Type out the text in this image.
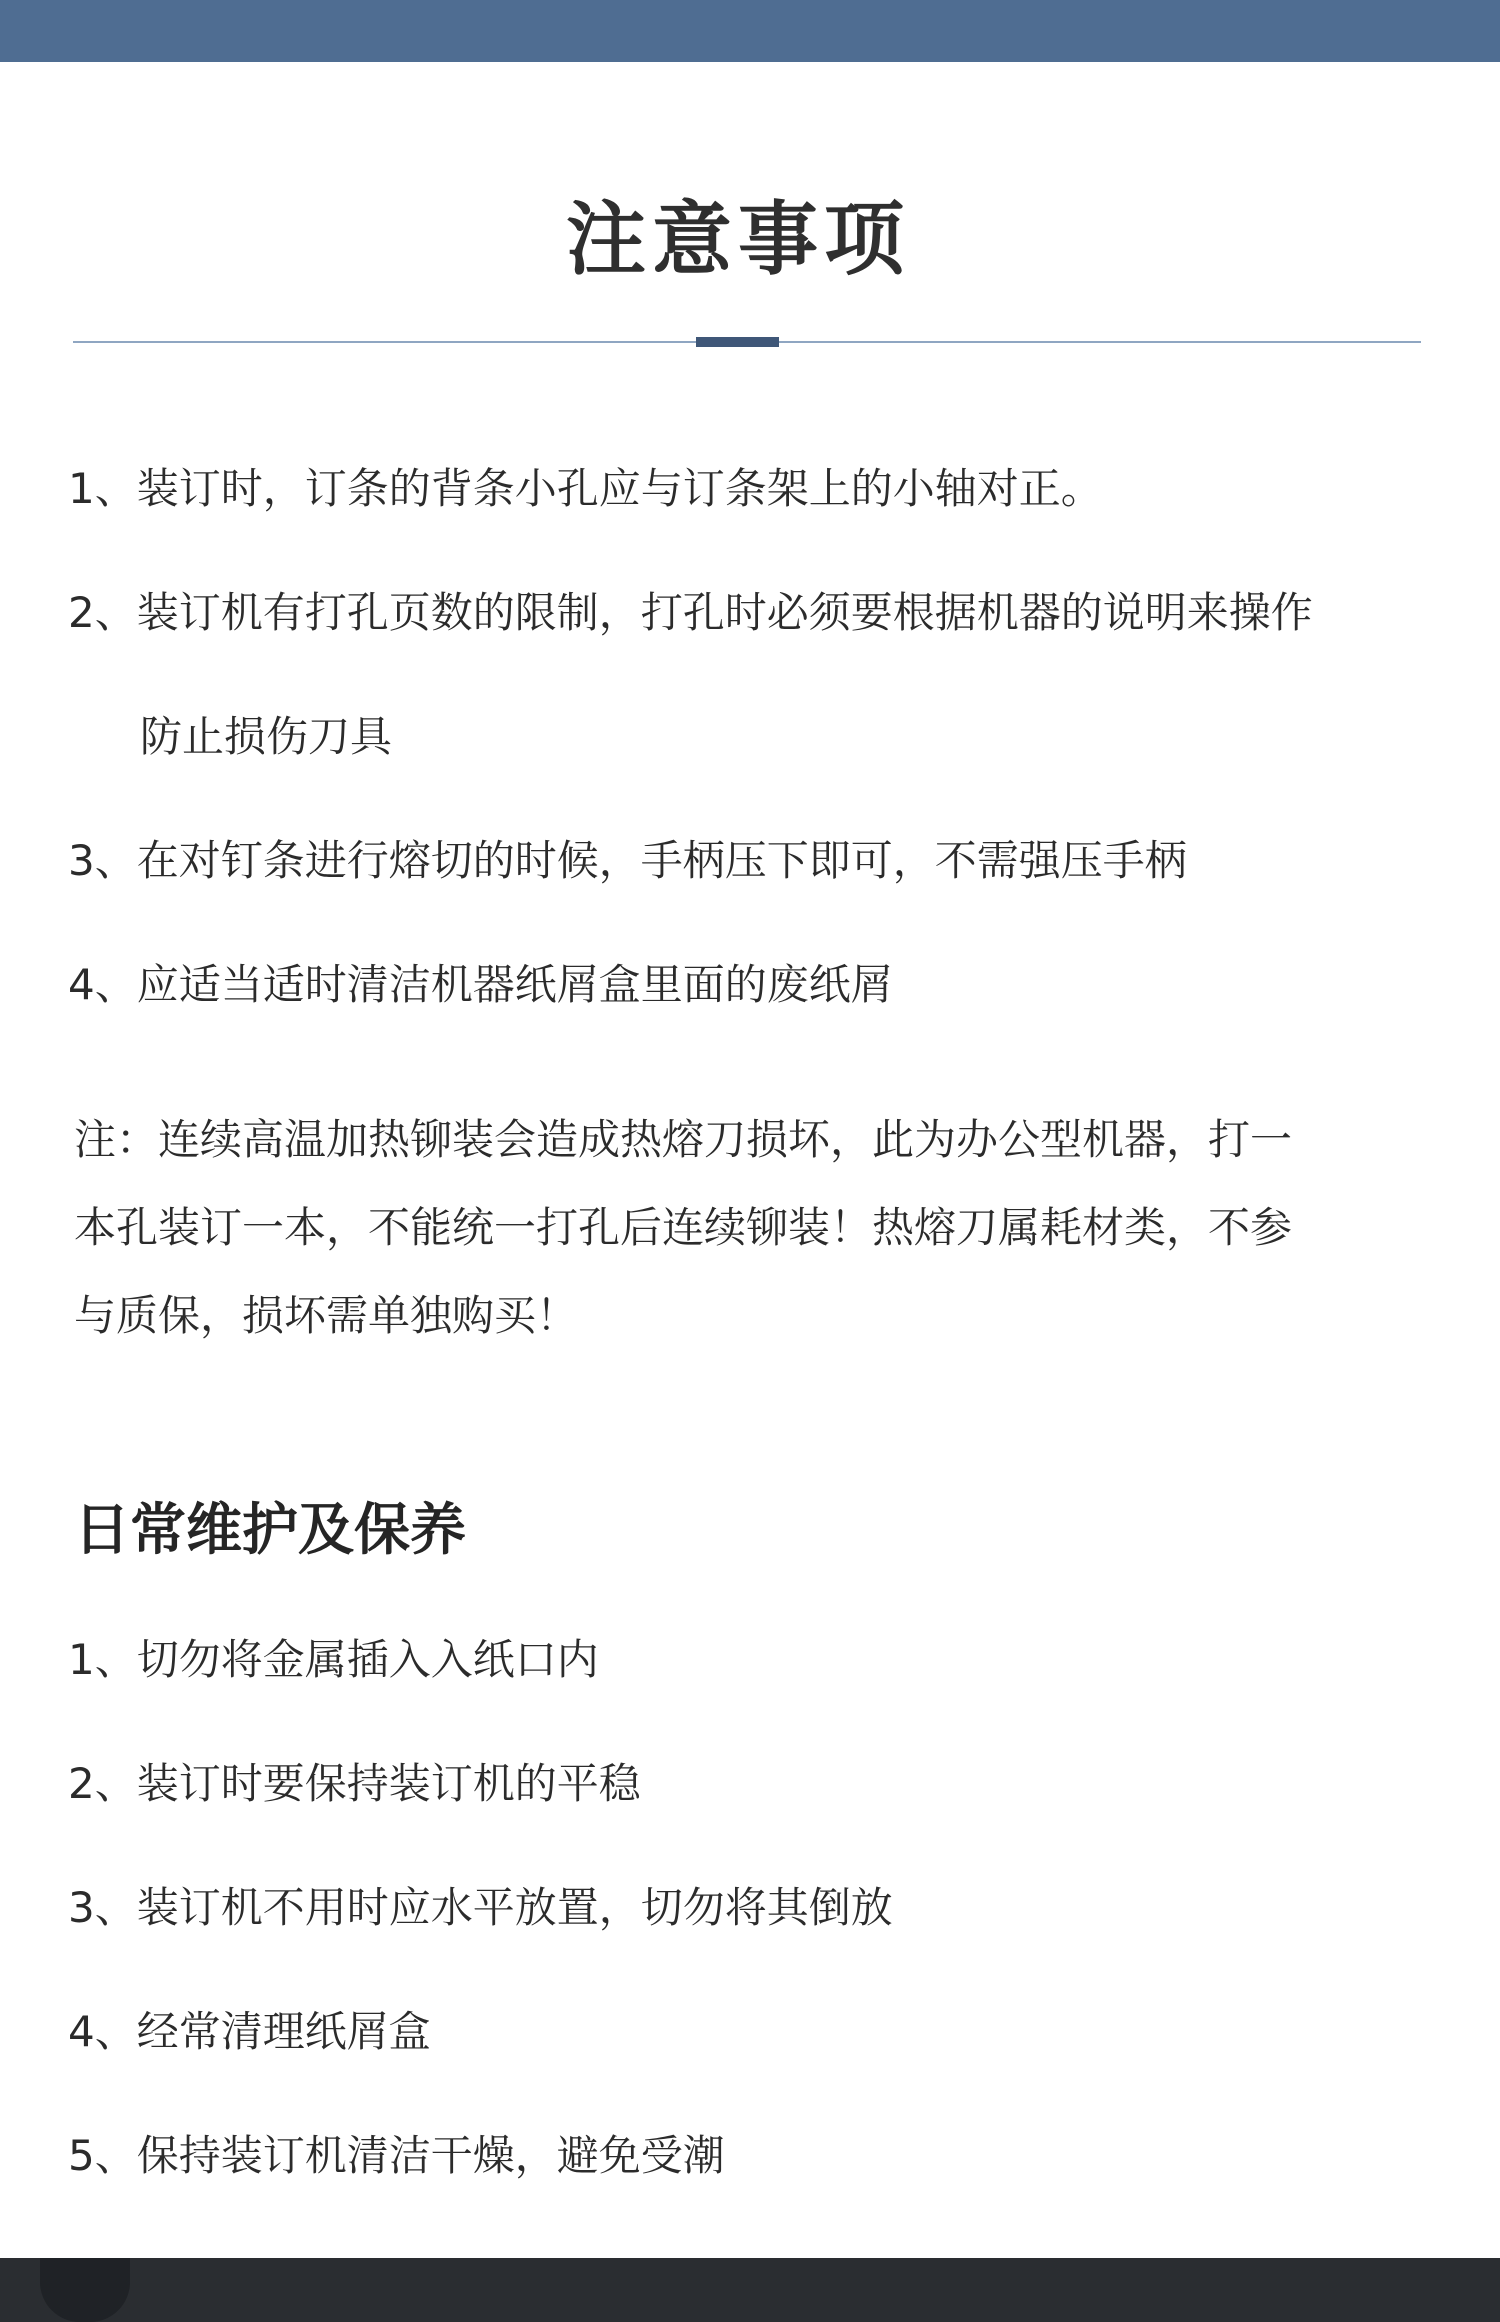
注意事项
1、装订时，订条的背条小孔应与订条架上的小轴对正。
2、装订机有打孔页数的限制，打孔时必须要根据机器的说明来操作
防止损伤刀具
3、在对钉条进行熔切的时候，手柄压下即可，不需强压手柄
4、应适当适时清洁机器纸屑盒里面的废纸屑
注：连续高温加热铆装会造成热熔刀损坏，此为办公型机器，打一
本孔装订一本，不能统一打孔后连续铆装！热熔刀属耗材类，不参
与质保，损坏需单独购买！
日常维护及保养
1、切勿将金属插入入纸口内
2、装订时要保持装订机的平稳
3、装订机不用时应水平放置，切勿将其倒放
4、经常清理纸屑盒
5、保持装订机清洁干燥，避免受潮
